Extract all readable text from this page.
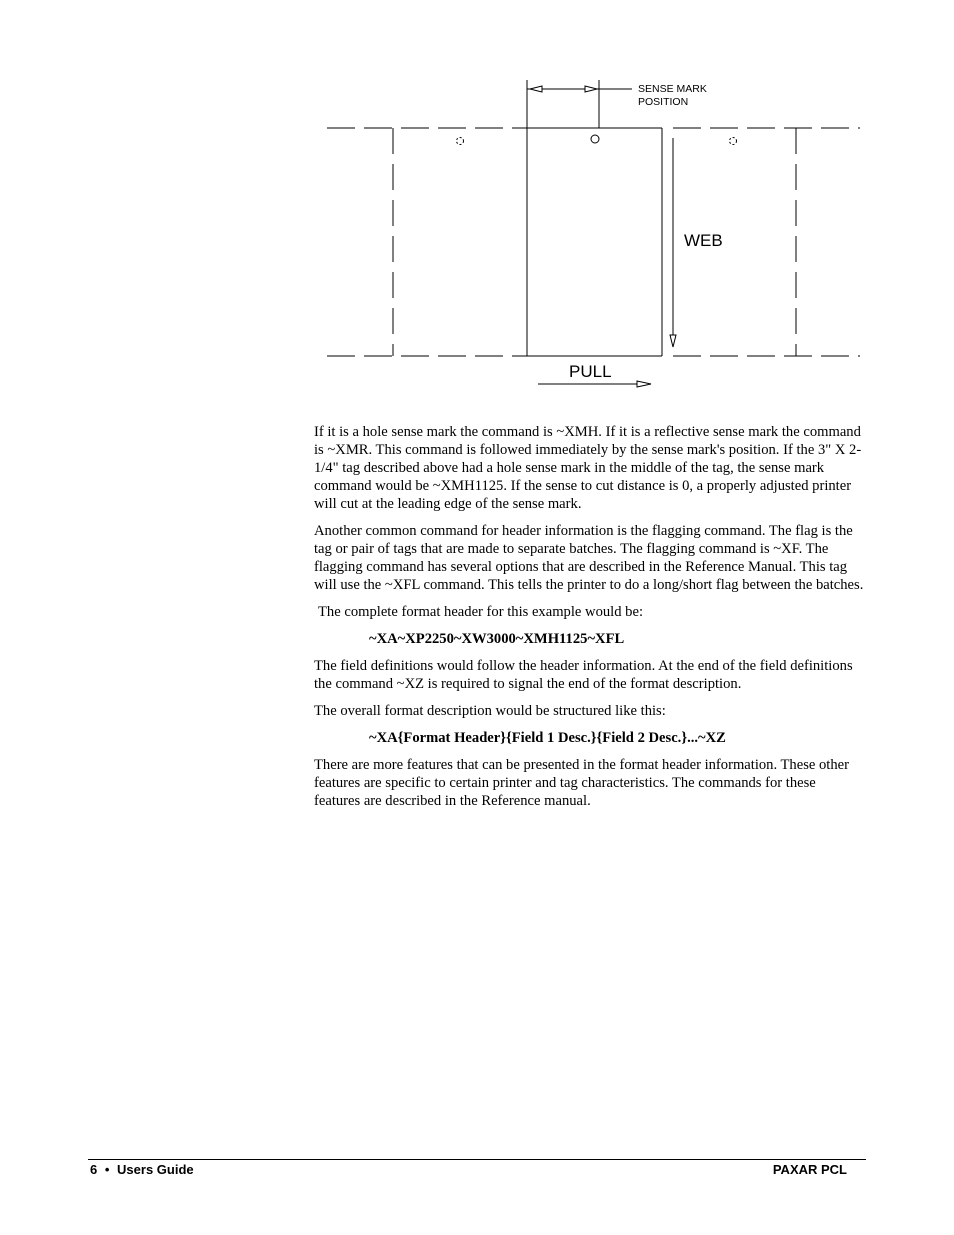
SENSE MARK
POSITION
WEB
PULL

If it is a hole sense mark the command is ~XMH. If it is a reflective sense mark the command is ~XMR. This command is followed immediately by the sense mark's position. If the 3" X 2-1/4" tag described above had a hole sense mark in the middle of the tag, the sense mark command would be ~XMH1125. If the sense to cut distance is 0, a properly adjusted printer will cut at the leading edge of the sense mark.

Another common command for header information is the flagging command. The flag is the tag or pair of tags that are made to separate batches. The flagging command is ~XF. The flagging command has several options that are described in the Reference Manual. This tag will use the ~XFL command. This tells the printer to do a long/short flag between the batches.

The complete format header for this example would be:

~XA~XP2250~XW3000~XMH1125~XFL

The field definitions would follow the header information. At the end of the field definitions the command ~XZ is required to signal the end of the format description.

The overall format description would be structured like this:

~XA{Format Header}{Field 1 Desc.}{Field 2 Desc.}...~XZ

There are more features that can be presented in the format header information. These other features are specific to certain printer and tag characteristics. The commands for these features are described in the Reference manual.

6 • Users Guide	PAXAR PCL
